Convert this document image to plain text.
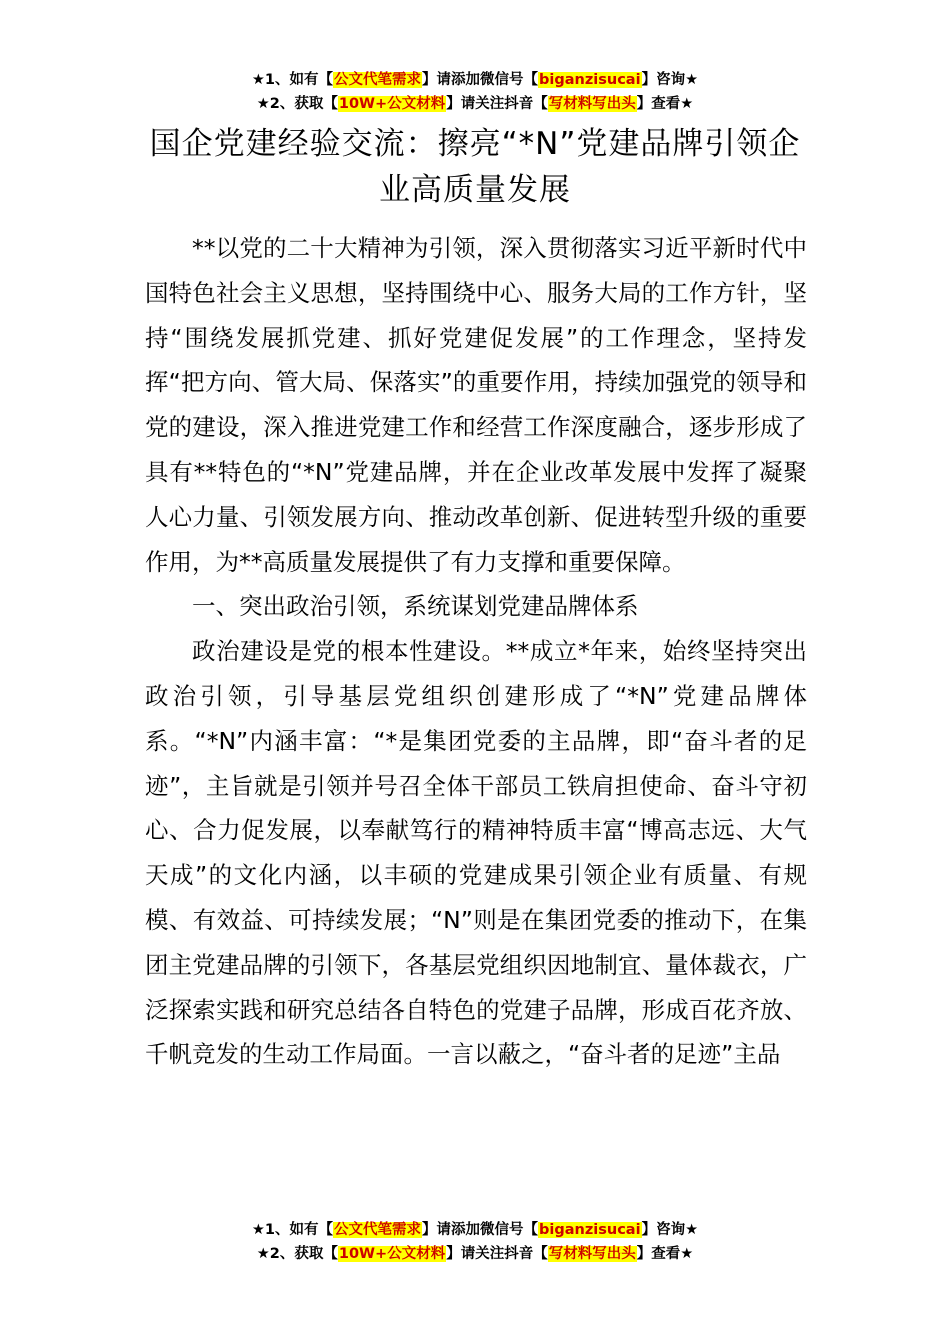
★1、如有【公文代笔需求】请添加微信号【biganzisucai】咨询★
★2、获取【10W+公文材料】请关注抖音【写材料写出头】查看★
国企党建经验交流：擦亮“*N”党建品牌引领企业高质量发展

**以党的二十大精神为引领，深入贯彻落实习近平新时代中国特色社会主义思想，坚持围绕中心、服务大局的工作方针，坚持“围绕发展抓党建、抓好党建促发展”的工作理念，坚持发挥“把方向、管大局、保落实”的重要作用，持续加强党的领导和党的建设，深入推进党建工作和经营工作深度融合，逐步形成了具有**特色的“*N”党建品牌，并在企业改革发展中发挥了凝聚人心力量、引领发展方向、推动改革创新、促进转型升级的重要作用，为**高质量发展提供了有力支撑和重要保障。

一、突出政治引领，系统谋划党建品牌体系

政治建设是党的根本性建设。**成立*年来，始终坚持突出政治引领，引导基层党组织创建形成了“*N”党建品牌体系。“*N”内涵丰富：“*是集团党委的主品牌，即“奋斗者的足迹”，主旨就是引领并号召全体干部员工铁肩担使命、奋斗守初心、合力促发展，以奉献笃行的精神特质丰富“博高志远、大气天成”的文化内涵，以丰硕的党建成果引领企业有质量、有规模、有效益、可持续发展；“N”则是在集团党委的推动下，在集团主党建品牌的引领下，各基层党组织因地制宜、量体裁衣，广泛探索实践和研究总结各自特色的党建子品牌，形成百花齐放、千帆竞发的生动工作局面。一言以蔽之，“奋斗者的足迹”主品

★1、如有【公文代笔需求】请添加微信号【biganzisucai】咨询★
★2、获取【10W+公文材料】请关注抖音【写材料写出头】查看★
